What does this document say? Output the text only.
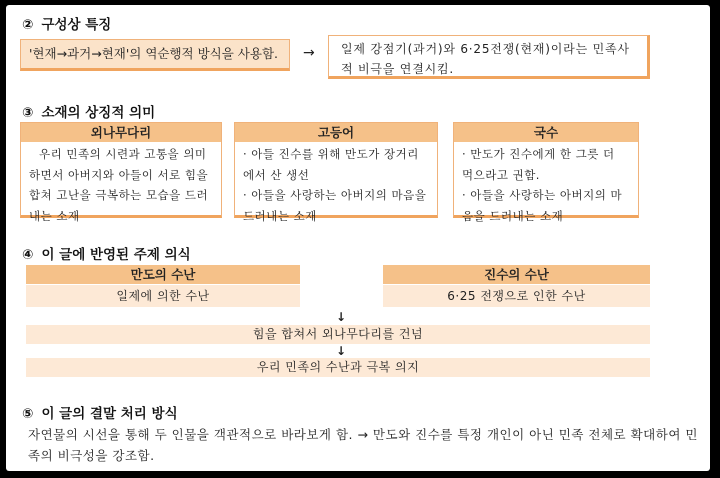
② 구성상 특징
'현재→과거→현재'의 역순행적 방식을 사용함.	→	일제 강점기(과거)와 6·25전쟁(현재)이라는 민족사적 비극을 연결시킴.
③ 소재의 상징적 의미
외나무다리
우리 민족의 시련과 고통을 의미하면서 아버지와 아들이 서로 힘을 합쳐 고난을 극복하는 모습을 드러내는 소재
고등어
· 아들 진수를 위해 만도가 장거리에서 산 생선
· 아들을 사랑하는 아버지의 마음을 드러내는 소재
국수
· 만도가 진수에게 한 그릇 더 먹으라고 권함.
· 아들을 사랑하는 아버지의 마음을 드러내는 소재
④ 이 글에 반영된 주제 의식
만도의 수난
일제에 의한 수난
진수의 수난
6·25 전쟁으로 인한 수난
↓
힘을 합쳐서 외나무다리를 건넘
↓
우리 민족의 수난과 극복 의지
⑤ 이 글의 결말 처리 방식
자연물의 시선을 통해 두 인물을 객관적으로 바라보게 함. → 만도와 진수를 특정 개인이 아닌 민족 전체로 확대하여 민족의 비극성을 강조함.
